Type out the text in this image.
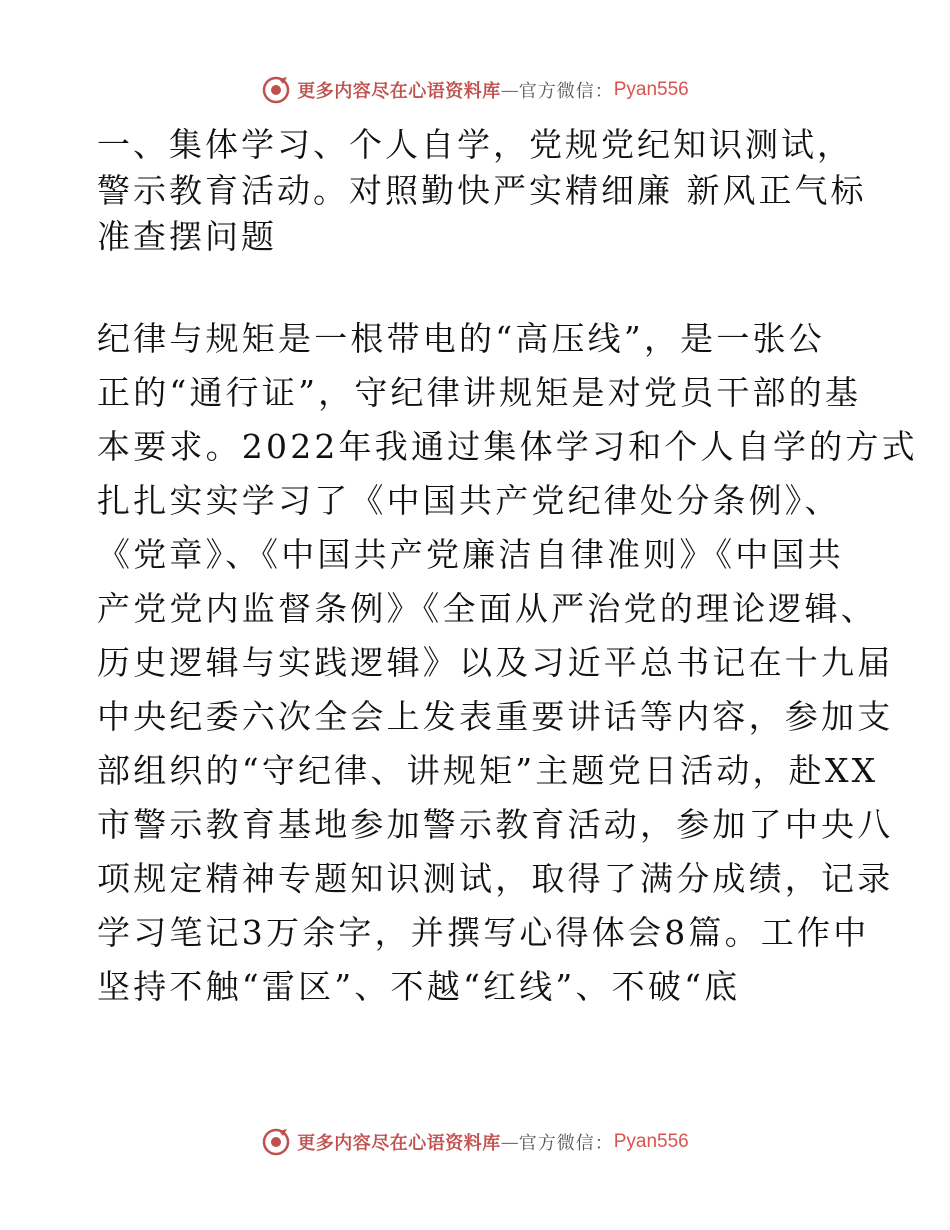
更多内容尽在心语资料库 — 官方微信： Pyan556
一、集体学习、个人自学，党规党纪知识测试，
警示教育活动。对照勤快严实精细廉 新风正气标
准查摆问题
纪律与规矩是一根带电的“高压线”，是一张公
正的“通行证”，守纪律讲规矩是对党员干部的基
本要求。2022年我通过集体学习和个人自学的方式
扎扎实实学习了《中国共产党纪律处分条例》、
《党章》、《中国共产党廉洁自律准则》《中国共
产党党内监督条例》《全面从严治党的理论逻辑、
历史逻辑与实践逻辑》以及习近平总书记在十九届
中央纪委六次全会上发表重要讲话等内容，参加支
部组织的“守纪律、讲规矩”主题党日活动，赴XX
市警示教育基地参加警示教育活动，参加了中央八
项规定精神专题知识测试，取得了满分成绩，记录
学习笔记3万余字，并撰写心得体会8篇。工作中
坚持不触“雷区”、不越“红线”、不破“底
更多内容尽在心语资料库 — 官方微信： Pyan556
